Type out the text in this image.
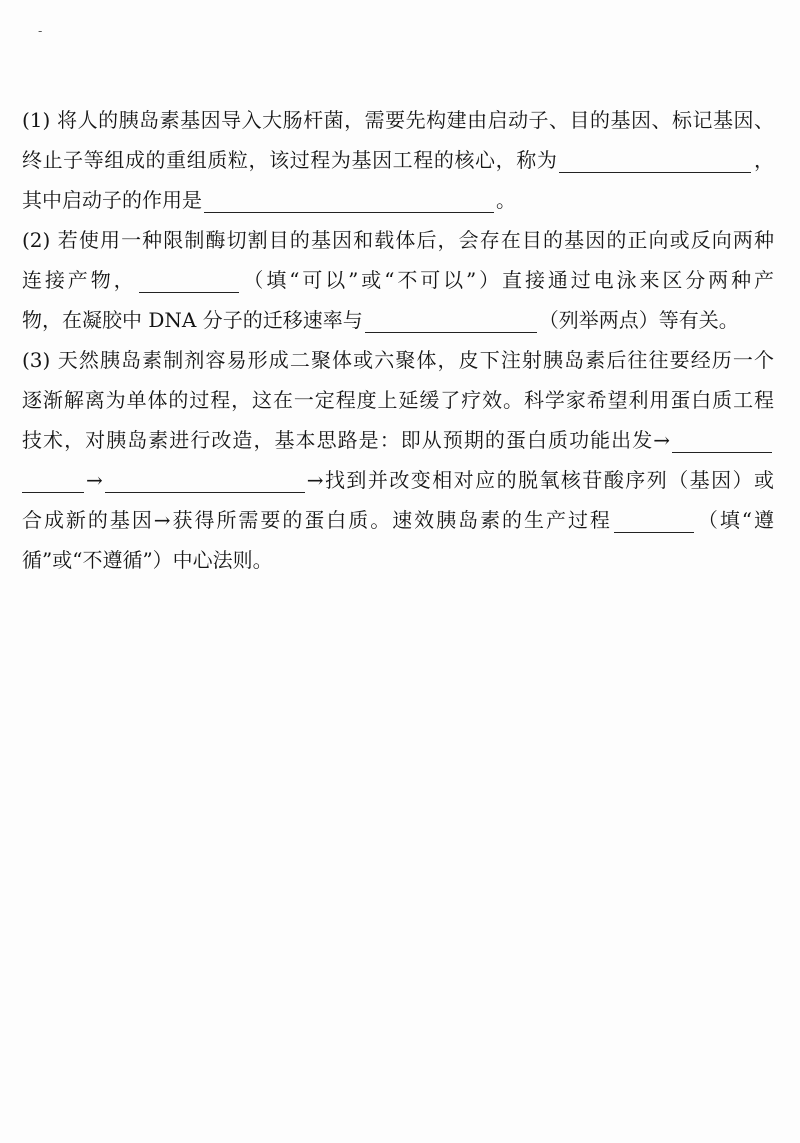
-
(1) 将人的胰岛素基因导入大肠杆菌，需要先构建由启动子、目的基因、标记基因、
终止子等组成的重组质粒，该过程为基因工程的核心，称为	，
其中启动子的作用是	。
(2) 若使用一种限制酶切割目的基因和载体后，会存在目的基因的正向或反向两种
连接产物，	（填“可以”或“不可以”）直接通过电泳来区分两种产
物，在凝胶中 DNA 分子的迁移速率与	（列举两点）等有关。
(3) 天然胰岛素制剂容易形成二聚体或六聚体，皮下注射胰岛素后往往要经历一个
逐渐解离为单体的过程，这在一定程度上延缓了疗效。科学家希望利用蛋白质工程
技术，对胰岛素进行改造，基本思路是：即从预期的蛋白质功能出发→
→	→找到并改变相对应的脱氧核苷酸序列（基因）或
合成新的基因→获得所需要的蛋白质。速效胰岛素的生产过程	（填“遵
循”或“不遵循”）中心法则。
